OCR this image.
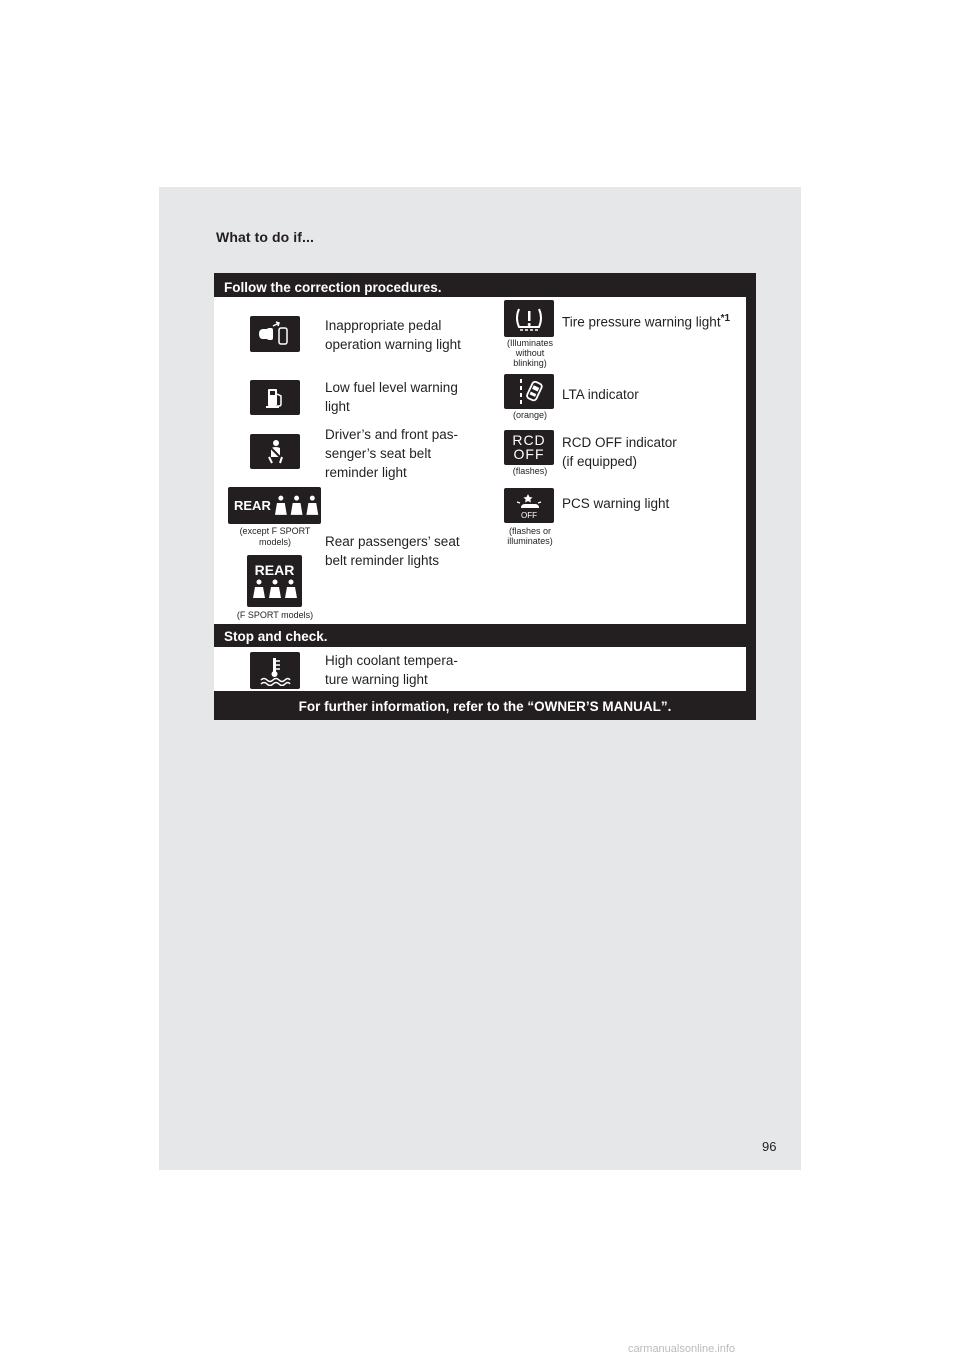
What to do if...
Follow the correction procedures.
Stop and check.
For further information, refer to the “OWNER’S MANUAL”.
Inappropriate pedal
operation warning light
Low fuel level warning
light
Driver’s and front pas-
senger’s seat belt
reminder light
REAR
(except F SPORT
models)
REAR
(F SPORT models)
Rear passengers’ seat
belt reminder lights
(Illuminates
without
blinking)
Tire pressure warning light$^{*1}$
(orange)
LTA indicator
RCD
OFF
(flashes)
RCD OFF indicator
(if equipped)
OFF
(flashes or
illuminates)
PCS warning light
High coolant tempera-
ture warning light
96
carmanualsonline.info
